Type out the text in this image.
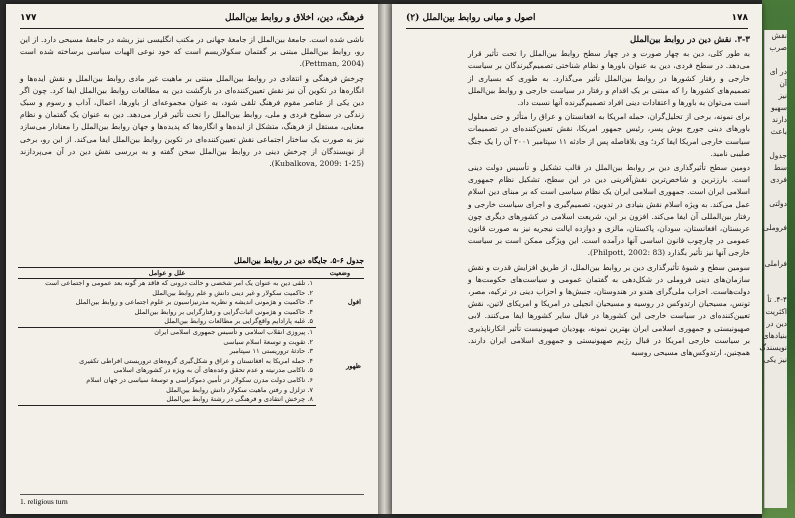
۱۷۷	فرهنگ، دین، اخلاق و روابط بین‌الملل

ناشی شده است. جامعهٔ بین‌الملل از جامعهٔ جهانی در مکتب انگلیسی نیز ریشه در جامعهٔ مسیحی دارد. از این رو، روابط بین‌الملل مبتنی بر گفتمان سکولاریسم است که خود نوعی الهیات سیاسی برساخته شده است (Pettman, 2004).

چرخش فرهنگی و انتقادی در روابط بین‌الملل مبتنی بر ماهیت غیر مادی روابط بین‌الملل و نقش ایده‌ها و انگاره‌ها در تکوین آن نیز نقش تعیین‌کننده‌ای در بازگشت دین به مطالعات روابط بین‌الملل ایفا کرد. چون اگر دین یکی از عناصر مقوم فرهنگ تلقی شود، به عنوان مجموعه‌ای از باورها، اعمال، آداب و رسوم و سبک زندگی در سطوح فردی و ملی، روابط بین‌الملل را تحت تأثیر قرار می‌دهد. دین به عنوان یک گفتمان و نظام معنایی، مستقل از فرهنگ، متشکل از ایده‌ها و انگاره‌ها که پدیده‌ها و جهان روابط بین‌الملل را معنادار می‌سازد نیز به صورت یک ساختار اجتماعی نقش تعیین‌کننده‌ای در تکوین روابط بین‌الملل ایفا می‌کند. از این رو، برخی از نویسندگان از چرخش دینی در روابط بین‌الملل سخن گفته و به بررسی نقش دین در آن می‌پردازند (Kubalkova, 2009: 1-25).

جدول ۶-۵. جایگاه دین در روابط بین‌الملل
وضعیت	علل و عوامل
افول	۱. تلقی دین به عنوان یک امر شخصی و حالت درونی که فاقد هر گونه بعد عمومی و اجتماعی است
	۲. حاکمیت سکولار و غیر دینی دانش و علم روابط بین‌الملل
	۳. حاکمیت و هژمونی اندیشه و نظریه مدرنیزاسیون بر علوم اجتماعی و روابط بین‌الملل
	۴. حاکمیت و هژمونی اثبات‌گرایی و رفتارگرایی بر روابط بین‌الملل
	۵. غلبه پارادایم واقع‌گرایی بر مطالعات روابط بین‌الملل
ظهور	۱. پیروزی انقلاب اسلامی و تأسیس جمهوری اسلامی ایران
	۲. تقویت و توسعهٔ اسلام سیاسی
	۳. حادثهٔ تروریستی ۱۱ سپتامبر
	۴. حمله امریکا به افغانستان و عراق و شکل‌گیری گروه‌های تروریستی افراطی تکفیری
	۵. ناکامی مدرنیته و عدم تحقق وعده‌های آن به ویژه در کشورهای اسلامی
	۶. ناکامی دولت مدرن سکولار در تأمین دموکراسی و توسعهٔ سیاسی در جهان اسلام
	۷. تزلزل و رفتن ماهیت سکولار دانش روابط بین‌الملل
	۸. چرخش انتقادی و فرهنگی در رشتهٔ روابط بین‌الملل
1. religious turn
۱۷۸
اصول و مبانی روابط بین‌الملل (۲)
۳-۳. نقش دین در روابط بین‌الملل

به طور کلی، دین به چهار صورت و در چهار سطح روابط بین‌الملل را تحت تأثیر قرار می‌دهد. در سطح فردی، دین به عنوان باورها و نظام شناختی تصمیم‌گیرندگان بر سیاست خارجی و رفتار کشورها در روابط بین‌الملل تأثیر می‌گذارد. به طوری که بسیاری از تصمیم‌های کشورها را که مبتنی بر یک اقدام و رفتار در سیاست خارجی و روابط بین‌الملل است می‌توان به باورها و اعتقادات دینی افراد تصمیم‌گیرنده آنها نسبت داد.

برای نمونه، برخی از تحلیل‌گران، حمله امریکا به افغانستان و عراق را متأثر و حتی معلول باورهای دینی جورج بوش پسر، رئیس جمهور امریکا، نقش تعیین‌کننده‌ای در تصمیمات سیاست خارجی امریکا ایفا کرد؛ وی بلافاصله پس از حادثه ۱۱ سپتامبر ۲۰۰۱ آن را یک جنگ صلیبی نامید.

دومین سطح تأثیرگذاری دین بر روابط بین‌الملل در قالب تشکیل و تأسیس دولت دینی است. بارزترین و شاخص‌ترین نقش‌آفرینی دین در این سطح، تشکیل نظام جمهوری اسلامی ایران است. جمهوری اسلامی ایران یک نظام سیاسی است که بر مبنای دین اسلام عمل می‌کند. به ویژه اسلام نقش بنیادی در تدوین، تصمیم‌گیری و اجرای سیاست خارجی و رفتار بین‌المللی آن ایفا می‌کند. افزون بر این، شریعت اسلامی در کشورهای دیگری چون عربستان، افغانستان، سودان، پاکستان، مالزی و دوازده ایالت نیجریه نیز به صورت قانون عمومی در چارچوب قانون اساسی آنها درآمده است. این ویژگی ممکن است بر سیاست خارجی آنها نیز تأثیر بگذارد (Philpott, 2002: 83).

سومین سطح و شیوهٔ تأثیرگذاری دین بر روابط بین‌الملل، از طریق افزایش قدرت و نقش سازمان‌های دینی فروملی در شکل‌دهی به گفتمان عمومی و سیاست‌های حکومت‌ها و دولت‌هاست. احزاب ملی‌گرای هندو در هندوستان، جنبش‌ها و احزاب دینی در ترکیه، مصر، تونس، مسیحیان ارتدوکس در روسیه و مسیحیان انجیلی در امریکا و امریکای لاتین، نقش تعیین‌کننده‌ای در سیاست خارجی این کشورها در قبال سایر کشورها ایفا می‌کنند. لابی صهیونیستی و جمهوری اسلامی ایران بهترین نمونه، یهودیان صهیونیست تأثیر انکارناپذیری بر سیاست خارجی امریکا در قبال رژیم صهیونیستی و جمهوری اسلامی ایران دارند. همچنین، ارتدوکس‌های مسیحی روسیه

نقش
صرب

در ای
آن
نیز
سهیو
دارند
باعث

جدول
سط
فردی

دولتی

فروملی

فراملی

۴-۴. تأ
اکثریت
دین در
بنیادهای
نویسندگ
نیز یکی
